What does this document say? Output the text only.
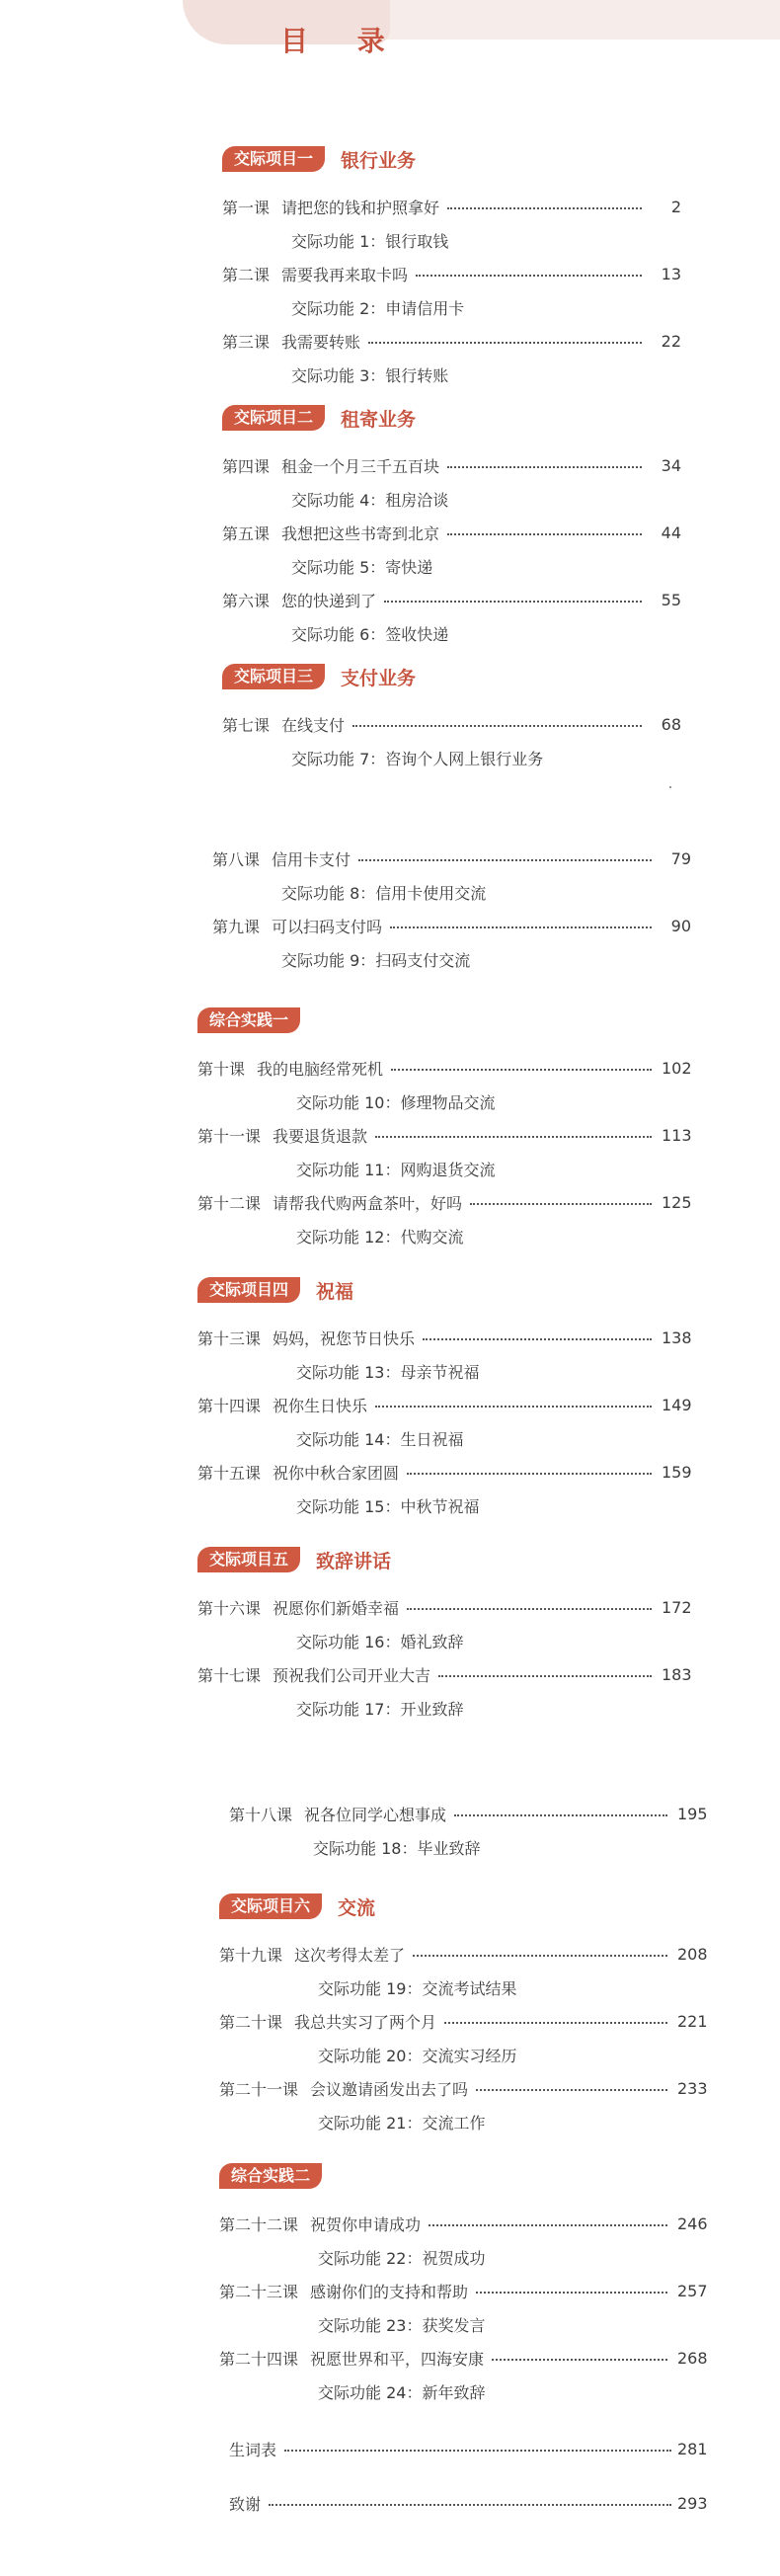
目 录
交际项目一	银行业务
第一课 请把您的钱和护照拿好	2
交际功能 1：银行取钱
第二课 需要我再来取卡吗	13
交际功能 2：申请信用卡
第三课 我需要转账	22
交际功能 3：银行转账
交际项目二	租寄业务
第四课 租金一个月三千五百块	34
交际功能 4：租房洽谈
第五课 我想把这些书寄到北京	44
交际功能 5：寄快递
第六课 您的快递到了	55
交际功能 6：签收快递
交际项目三	支付业务
第七课 在线支付	68
交际功能 7：咨询个人网上银行业务
第八课 信用卡支付	79
交际功能 8：信用卡使用交流
第九课 可以扫码支付吗	90
交际功能 9：扫码支付交流
综合实践一
第十课 我的电脑经常死机	102
交际功能 10：修理物品交流
第十一课 我要退货退款	113
交际功能 11：网购退货交流
第十二课 请帮我代购两盒茶叶，好吗	125
交际功能 12：代购交流
交际项目四	祝福
第十三课 妈妈，祝您节日快乐	138
交际功能 13：母亲节祝福
第十四课 祝你生日快乐	149
交际功能 14：生日祝福
第十五课 祝你中秋合家团圆	159
交际功能 15：中秋节祝福
交际项目五	致辞讲话
第十六课 祝愿你们新婚幸福	172
交际功能 16：婚礼致辞
第十七课 预祝我们公司开业大吉	183
交际功能 17：开业致辞
第十八课 祝各位同学心想事成	195
交际功能 18：毕业致辞
交际项目六	交流
第十九课 这次考得太差了	208
交际功能 19：交流考试结果
第二十课 我总共实习了两个月	221
交际功能 20：交流实习经历
第二十一课 会议邀请函发出去了吗	233
交际功能 21：交流工作
综合实践二
第二十二课 祝贺你申请成功	246
交际功能 22：祝贺成功
第二十三课 感谢你们的支持和帮助	257
交际功能 23：获奖发言
第二十四课 祝愿世界和平，四海安康	268
交际功能 24：新年致辞
生词表	281
致谢	293
